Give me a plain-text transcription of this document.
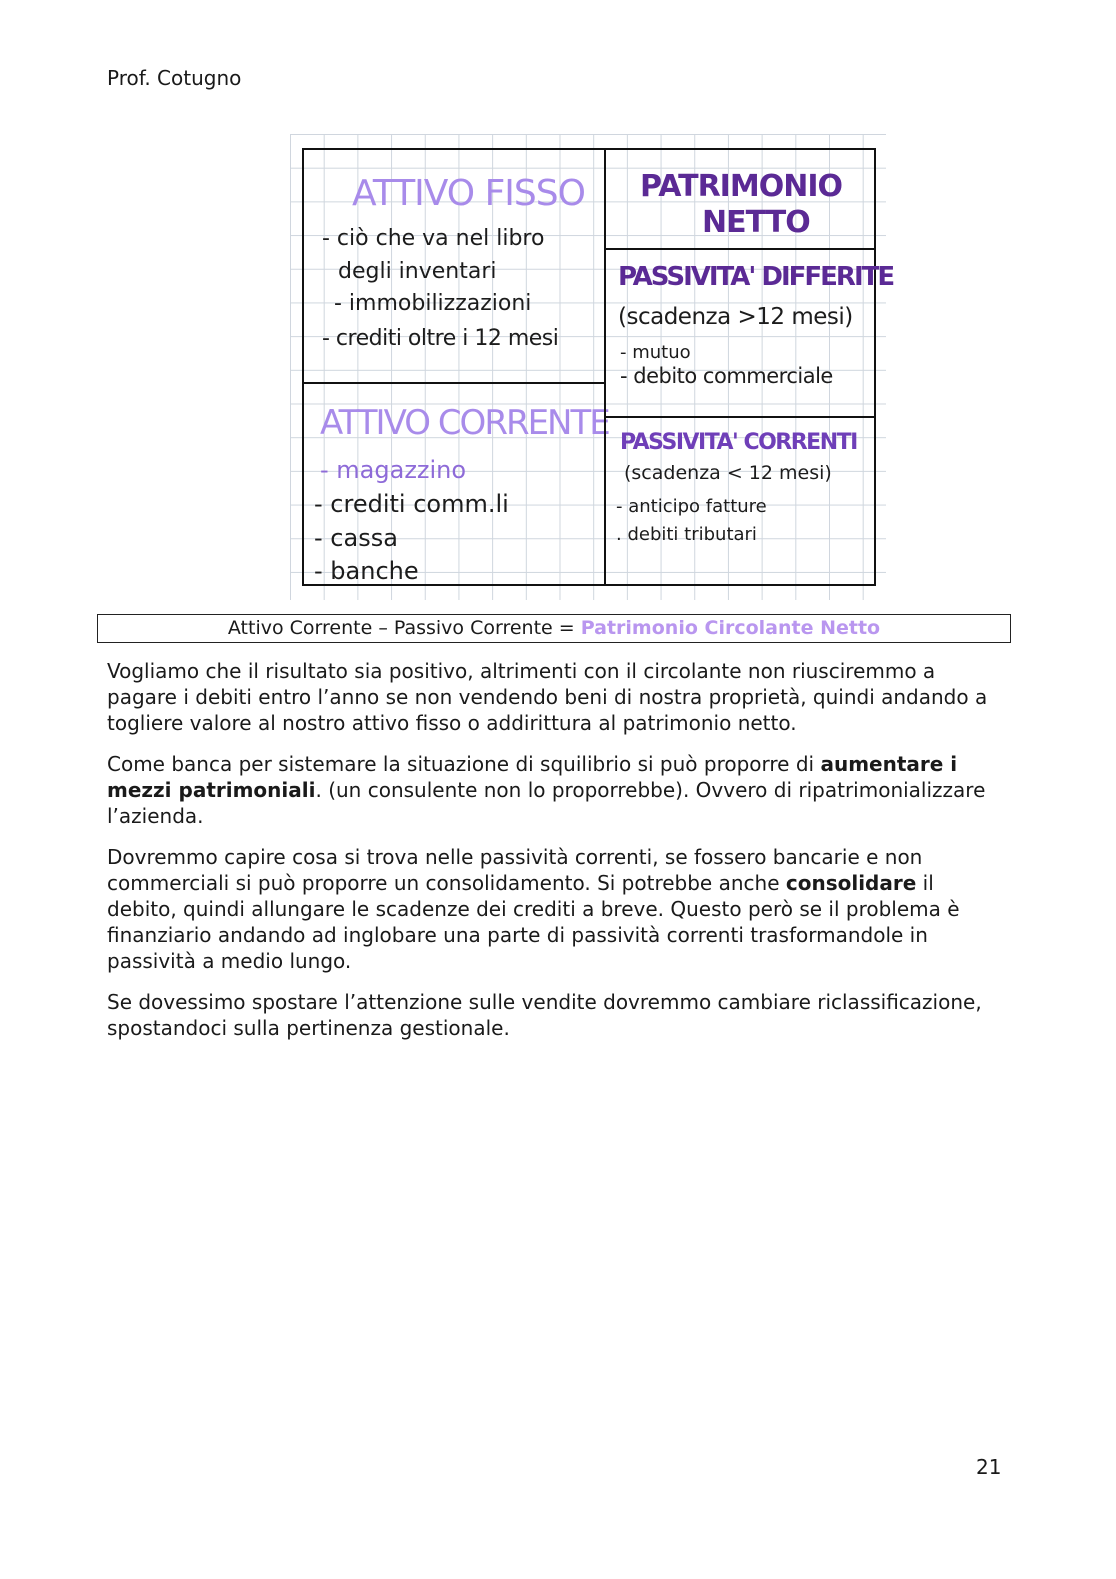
Prof. Cotugno
ATTIVO FISSO
- ciò che va nel libro
degli inventari
- immobilizzazioni
- crediti oltre i 12 mesi
ATTIVO CORRENTE
- magazzino
- crediti comm.li
- cassa
- banche
PATRIMONIO
NETTO
PASSIVITA' DIFFERITE
(scadenza >12 mesi)
- mutuo
- debito commerciale
PASSIVITA' CORRENTI
(scadenza < 12 mesi)
- anticipo fatture
. debiti tributari
Attivo Corrente – Passivo Corrente = Patrimonio Circolante Netto

Vogliamo che il risultato sia positivo, altrimenti con il circolante non riusciremmo a pagare i debiti entro l’anno se non vendendo beni di nostra proprietà, quindi andando a togliere valore al nostro attivo fisso o addirittura al patrimonio netto.

Come banca per sistemare la situazione di squilibrio si può proporre di aumentare i mezzi patrimoniali. (un consulente non lo proporrebbe). Ovvero di ripatrimonializzare l’azienda.

Dovremmo capire cosa si trova nelle passività correnti, se fossero bancarie e non commerciali si può proporre un consolidamento. Si potrebbe anche consolidare il debito, quindi allungare le scadenze dei crediti a breve. Questo però se il problema è finanziario andando ad inglobare una parte di passività correnti trasformandole in passività a medio lungo.

Se dovessimo spostare l’attenzione sulle vendite dovremmo cambiare riclassificazione, spostandoci sulla pertinenza gestionale.

21
